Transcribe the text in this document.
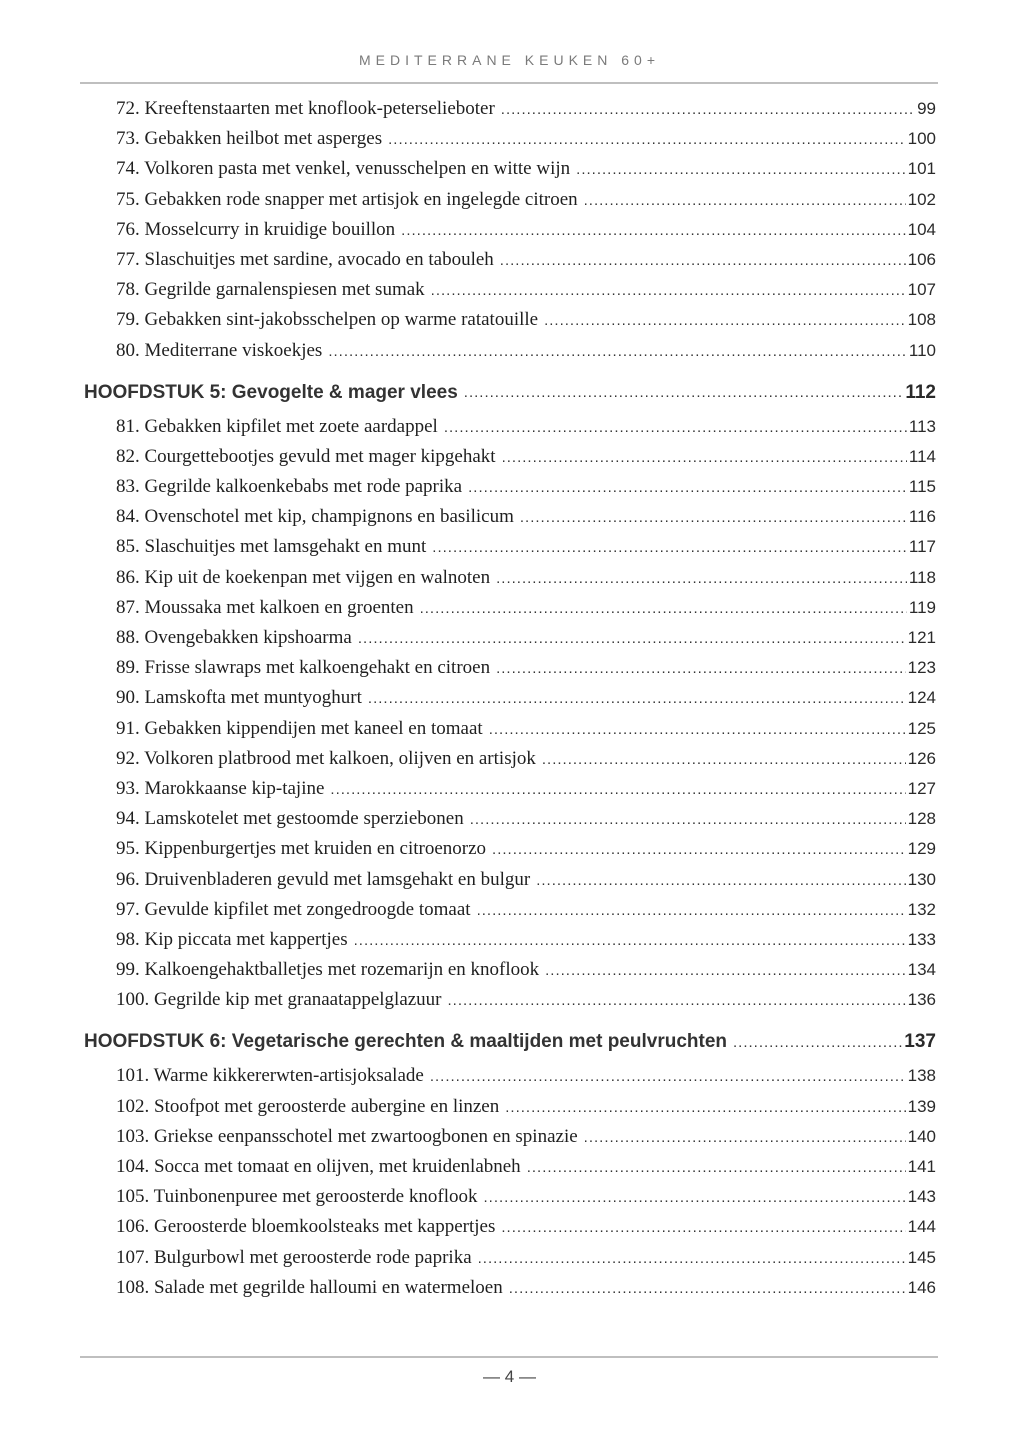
MEDITERRANE KEUKEN 60+
72. Kreeftenstaarten met knoflook-peterselieboter .....	99
73. Gebakken heilbot met asperges .....	100
74. Volkoren pasta met venkel, venusschelpen en witte wijn .....	101
75. Gebakken rode snapper met artisjok en ingelegde citroen .....	102
76. Mosselcurry in kruidige bouillon .....	104
77. Slaschuitjes met sardine, avocado en tabouleh .....	106
78. Gegrilde garnalenspiesen met sumak .....	107
79. Gebakken sint-jakobsschelpen op warme ratatouille .....	108
80. Mediterrane viskoekjes .....	110
HOOFDSTUK 5: Gevogelte & mager vlees .....	112
81. Gebakken kipfilet met zoete aardappel .....	113
82. Courgettebootjes gevuld met mager kipgehakt .....	114
83. Gegrilde kalkoenkebabs met rode paprika .....	115
84. Ovenschotel met kip, champignons en basilicum .....	116
85. Slaschuitjes met lamsgehakt en munt .....	117
86. Kip uit de koekenpan met vijgen en walnoten .....	118
87. Moussaka met kalkoen en groenten .....	119
88. Ovengebakken kipshoarma .....	121
89. Frisse slawraps met kalkoengehakt en citroen .....	123
90. Lamskofta met muntyoghurt .....	124
91. Gebakken kippendijen met kaneel en tomaat .....	125
92. Volkoren platbrood met kalkoen, olijven en artisjok .....	126
93. Marokkaanse kip-tajine .....	127
94. Lamskotelet met gestoomde sperziebonen .....	128
95. Kippenburgertjes met kruiden en citroenorzo .....	129
96. Druivenbladeren gevuld met lamsgehakt en bulgur .....	130
97. Gevulde kipfilet met zongedroogde tomaat .....	132
98. Kip piccata met kappertjes .....	133
99. Kalkoengehaktballetjes met rozemarijn en knoflook .....	134
100. Gegrilde kip met granaatappelglazuur .....	136
HOOFDSTUK 6: Vegetarische gerechten & maaltijden met peulvruchten .....	137
101. Warme kikkererwten-artisjoksalade .....	138
102. Stoofpot met geroosterde aubergine en linzen .....	139
103. Griekse eenpansschotel met zwartoogbonen en spinazie .....	140
104. Socca met tomaat en olijven, met kruidenlabneh .....	141
105. Tuinbonenpuree met geroosterde knoflook .....	143
106. Geroosterde bloemkoolsteaks met kappertjes .....	144
107. Bulgurbowl met geroosterde rode paprika .....	145
108. Salade met gegrilde halloumi en watermeloen .....	146
— 4 —
